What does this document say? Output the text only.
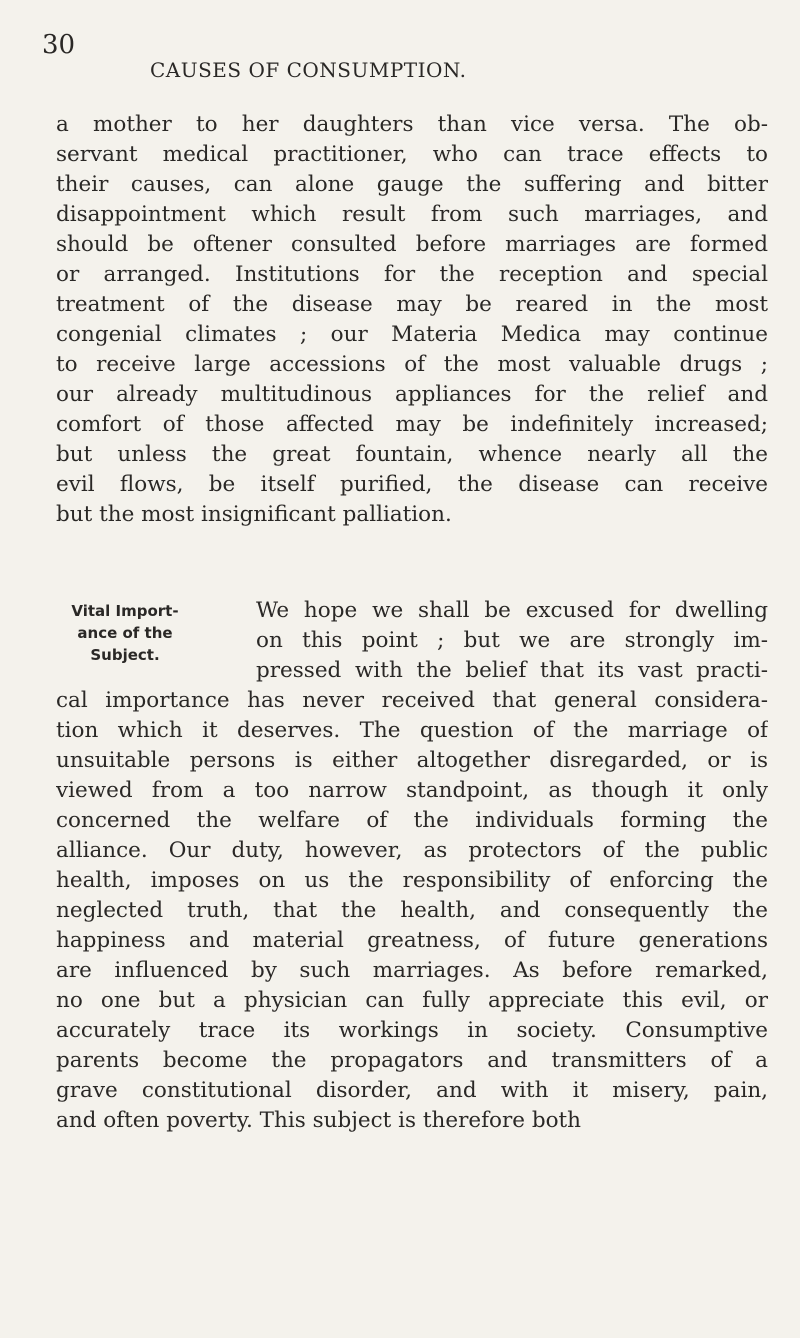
30
CAUSES OF CONSUMPTION.
a mother to her daughters than vice versa. The ob-
servant medical practitioner, who can trace effects to
their causes, can alone gauge the suffering and bitter
disappointment which result from such marriages, and
should be oftener consulted before marriages are formed
or arranged. Institutions for the reception and special
treatment of the disease may be reared in the most
congenial climates ; our Materia Medica may continue
to receive large accessions of the most valuable drugs ;
our already multitudinous appliances for the relief and
comfort of those affected may be indefinitely increased;
but unless the great fountain, whence nearly all the
evil flows, be itself purified, the disease can receive
but the most insignificant palliation.
Vital Import-
ance of the
Subject.
We hope we shall be excused for dwelling
on this point ; but we are strongly im-
pressed with the belief that its vast practi-
cal importance has never received that general considera-
tion which it deserves. The question of the marriage of
unsuitable persons is either altogether disregarded, or is
viewed from a too narrow standpoint, as though it only
concerned the welfare of the individuals forming the
alliance. Our duty, however, as protectors of the public
health, imposes on us the responsibility of enforcing the
neglected truth, that the health, and consequently the
happiness and material greatness, of future generations
are influenced by such marriages. As before remarked,
no one but a physician can fully appreciate this evil, or
accurately trace its workings in society. Consumptive
parents become the propagators and transmitters of a
grave constitutional disorder, and with it misery, pain,
and often poverty. This subject is therefore both
